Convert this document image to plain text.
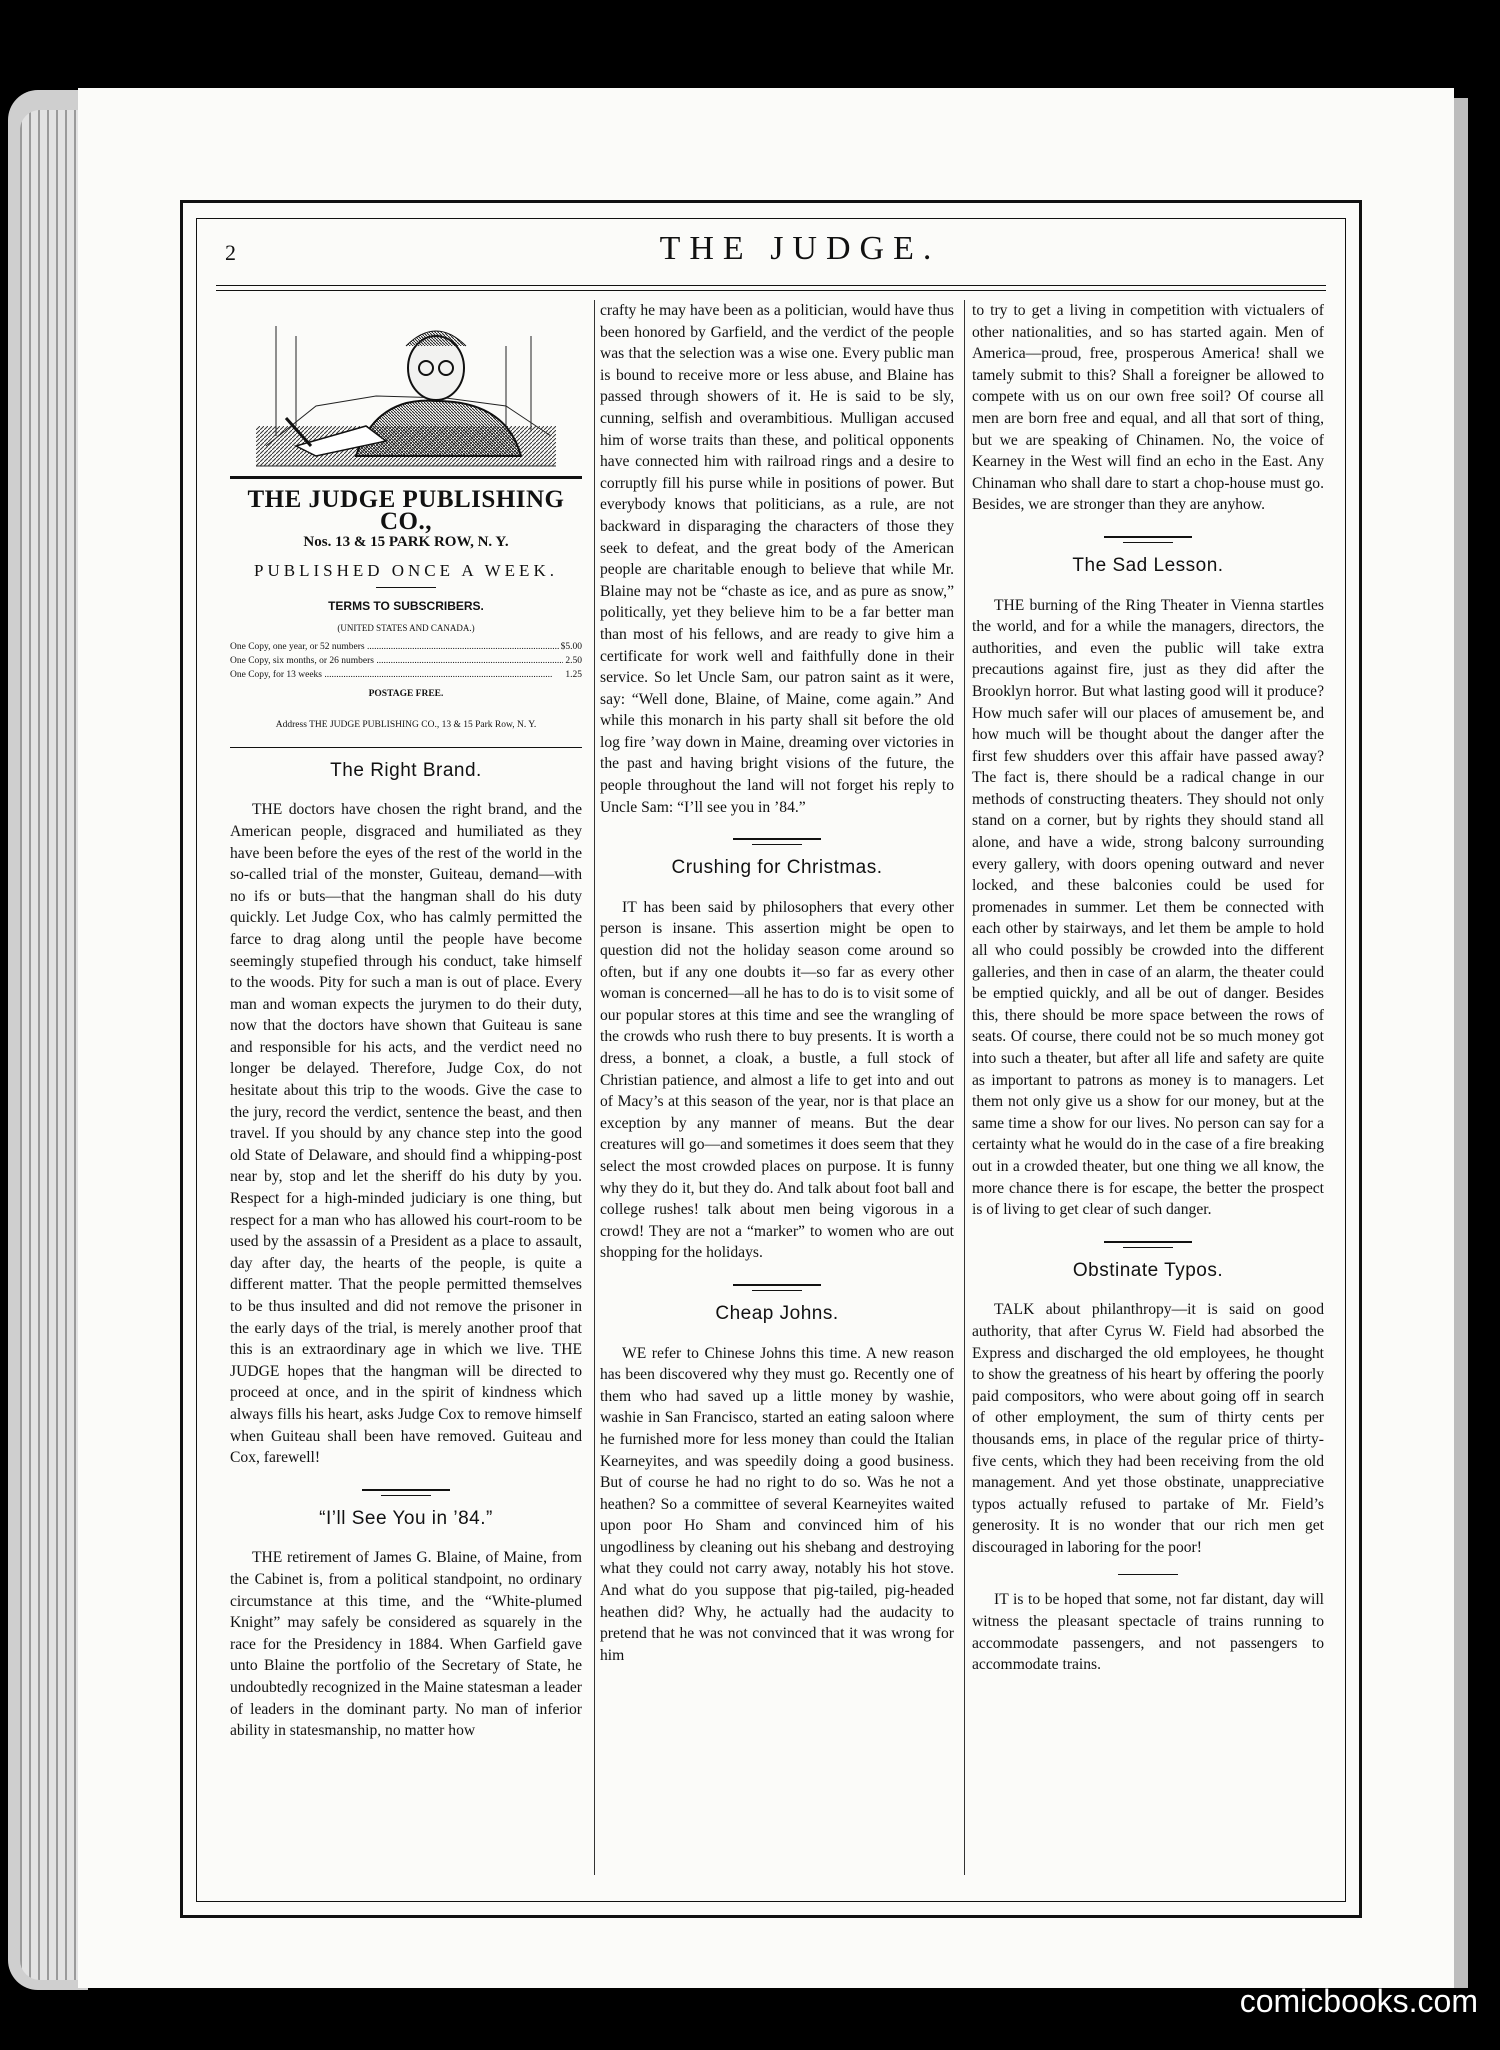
2	THE JUDGE.
THE JUDGE PUBLISHING CO.,
Nos. 13 & 15 PARK ROW, N. Y.
PUBLISHED ONCE A WEEK.
TERMS TO SUBSCRIBERS.
(UNITED STATES AND CANADA.)
One Copy, one year, or 52 numbers .....	$5.00
One Copy, six months, or 26 numbers .....	2.50
One Copy, for 13 weeks .....	1.25
POSTAGE FREE.
Address THE JUDGE PUBLISHING CO., 13 & 15 Park Row, N. Y.
The Right Brand.

THE doctors have chosen the right brand, and the American people, disgraced and humiliated as they have been before the eyes of the rest of the world in the so-called trial of the monster, Guiteau, demand—with no ifs or buts—that the hangman shall do his duty quickly. Let Judge Cox, who has calmly permitted the farce to drag along until the people have become seemingly stupefied through his conduct, take himself to the woods. Pity for such a man is out of place. Every man and woman expects the jurymen to do their duty, now that the doctors have shown that Guiteau is sane and responsible for his acts, and the verdict need no longer be delayed. Therefore, Judge Cox, do not hesitate about this trip to the woods. Give the case to the jury, record the verdict, sentence the beast, and then travel. If you should by any chance step into the good old State of Delaware, and should find a whipping-post near by, stop and let the sheriff do his duty by you. Respect for a high-minded judiciary is one thing, but respect for a man who has allowed his court-room to be used by the assassin of a President as a place to assault, day after day, the hearts of the people, is quite a different matter. That the people permitted themselves to be thus insulted and did not remove the prisoner in the early days of the trial, is merely another proof that this is an extraordinary age in which we live. THE JUDGE hopes that the hangman will be directed to proceed at once, and in the spirit of kindness which always fills his heart, asks Judge Cox to remove himself when Guiteau shall been have removed. Guiteau and Cox, farewell!

“I’ll See You in ’84.”

THE retirement of James G. Blaine, of Maine, from the Cabinet is, from a political standpoint, no ordinary circumstance at this time, and the “White-plumed Knight” may safely be considered as squarely in the race for the Presidency in 1884. When Garfield gave unto Blaine the portfolio of the Secretary of State, he undoubtedly recognized in the Maine statesman a leader of leaders in the dominant party. No man of inferior ability in statesmanship, no matter how

crafty he may have been as a politician, would have thus been honored by Garfield, and the verdict of the people was that the selection was a wise one. Every public man is bound to receive more or less abuse, and Blaine has passed through showers of it. He is said to be sly, cunning, selfish and overambitious. Mulligan accused him of worse traits than these, and political opponents have connected him with railroad rings and a desire to corruptly fill his purse while in positions of power. But everybody knows that politicians, as a rule, are not backward in disparaging the characters of those they seek to defeat, and the great body of the American people are charitable enough to believe that while Mr. Blaine may not be “chaste as ice, and as pure as snow,” politically, yet they believe him to be a far better man than most of his fellows, and are ready to give him a certificate for work well and faithfully done in their service. So let Uncle Sam, our patron saint as it were, say: “Well done, Blaine, of Maine, come again.” And while this monarch in his party shall sit before the old log fire ’way down in Maine, dreaming over victories in the past and having bright visions of the future, the people throughout the land will not forget his reply to Uncle Sam: “I’ll see you in ’84.”

Crushing for Christmas.

IT has been said by philosophers that every other person is insane. This assertion might be open to question did not the holiday season come around so often, but if any one doubts it—so far as every other woman is concerned—all he has to do is to visit some of our popular stores at this time and see the wrangling of the crowds who rush there to buy presents. It is worth a dress, a bonnet, a cloak, a bustle, a full stock of Christian patience, and almost a life to get into and out of Macy’s at this season of the year, nor is that place an exception by any manner of means. But the dear creatures will go—and sometimes it does seem that they select the most crowded places on purpose. It is funny why they do it, but they do. And talk about foot ball and college rushes! talk about men being vigorous in a crowd! They are not a “marker” to women who are out shopping for the holidays.

Cheap Johns.

WE refer to Chinese Johns this time. A new reason has been discovered why they must go. Recently one of them who had saved up a little money by washie, washie in San Francisco, started an eating saloon where he furnished more for less money than could the Italian Kearneyites, and was speedily doing a good business. But of course he had no right to do so. Was he not a heathen? So a committee of several Kearneyites waited upon poor Ho Sham and convinced him of his ungodliness by cleaning out his shebang and destroying what they could not carry away, notably his hot stove. And what do you suppose that pig-tailed, pig-headed heathen did? Why, he actually had the audacity to pretend that he was not convinced that it was wrong for him

to try to get a living in competition with victualers of other nationalities, and so has started again. Men of America—proud, free, prosperous America! shall we tamely submit to this? Shall a foreigner be allowed to compete with us on our own free soil? Of course all men are born free and equal, and all that sort of thing, but we are speaking of Chinamen. No, the voice of Kearney in the West will find an echo in the East. Any Chinaman who shall dare to start a chop-house must go. Besides, we are stronger than they are anyhow.

The Sad Lesson.

THE burning of the Ring Theater in Vienna startles the world, and for a while the managers, directors, the authorities, and even the public will take extra precautions against fire, just as they did after the Brooklyn horror. But what lasting good will it produce? How much safer will our places of amusement be, and how much will be thought about the danger after the first few shudders over this affair have passed away? The fact is, there should be a radical change in our methods of constructing theaters. They should not only stand on a corner, but by rights they should stand all alone, and have a wide, strong balcony surrounding every gallery, with doors opening outward and never locked, and these balconies could be used for promenades in summer. Let them be connected with each other by stairways, and let them be ample to hold all who could possibly be crowded into the different galleries, and then in case of an alarm, the theater could be emptied quickly, and all be out of danger. Besides this, there should be more space between the rows of seats. Of course, there could not be so much money got into such a theater, but after all life and safety are quite as important to patrons as money is to managers. Let them not only give us a show for our money, but at the same time a show for our lives. No person can say for a certainty what he would do in the case of a fire breaking out in a crowded theater, but one thing we all know, the more chance there is for escape, the better the prospect is of living to get clear of such danger.

Obstinate Typos.

TALK about philanthropy—it is said on good authority, that after Cyrus W. Field had absorbed the Express and discharged the old employees, he thought to show the greatness of his heart by offering the poorly paid compositors, who were about going off in search of other employment, the sum of thirty cents per thousands ems, in place of the regular price of thirty-five cents, which they had been receiving from the old management. And yet those obstinate, unappreciative typos actually refused to partake of Mr. Field’s generosity. It is no wonder that our rich men get discouraged in laboring for the poor!

IT is to be hoped that some, not far distant, day will witness the pleasant spectacle of trains running to accommodate passengers, and not passengers to accommodate trains.

comicbooks.com
